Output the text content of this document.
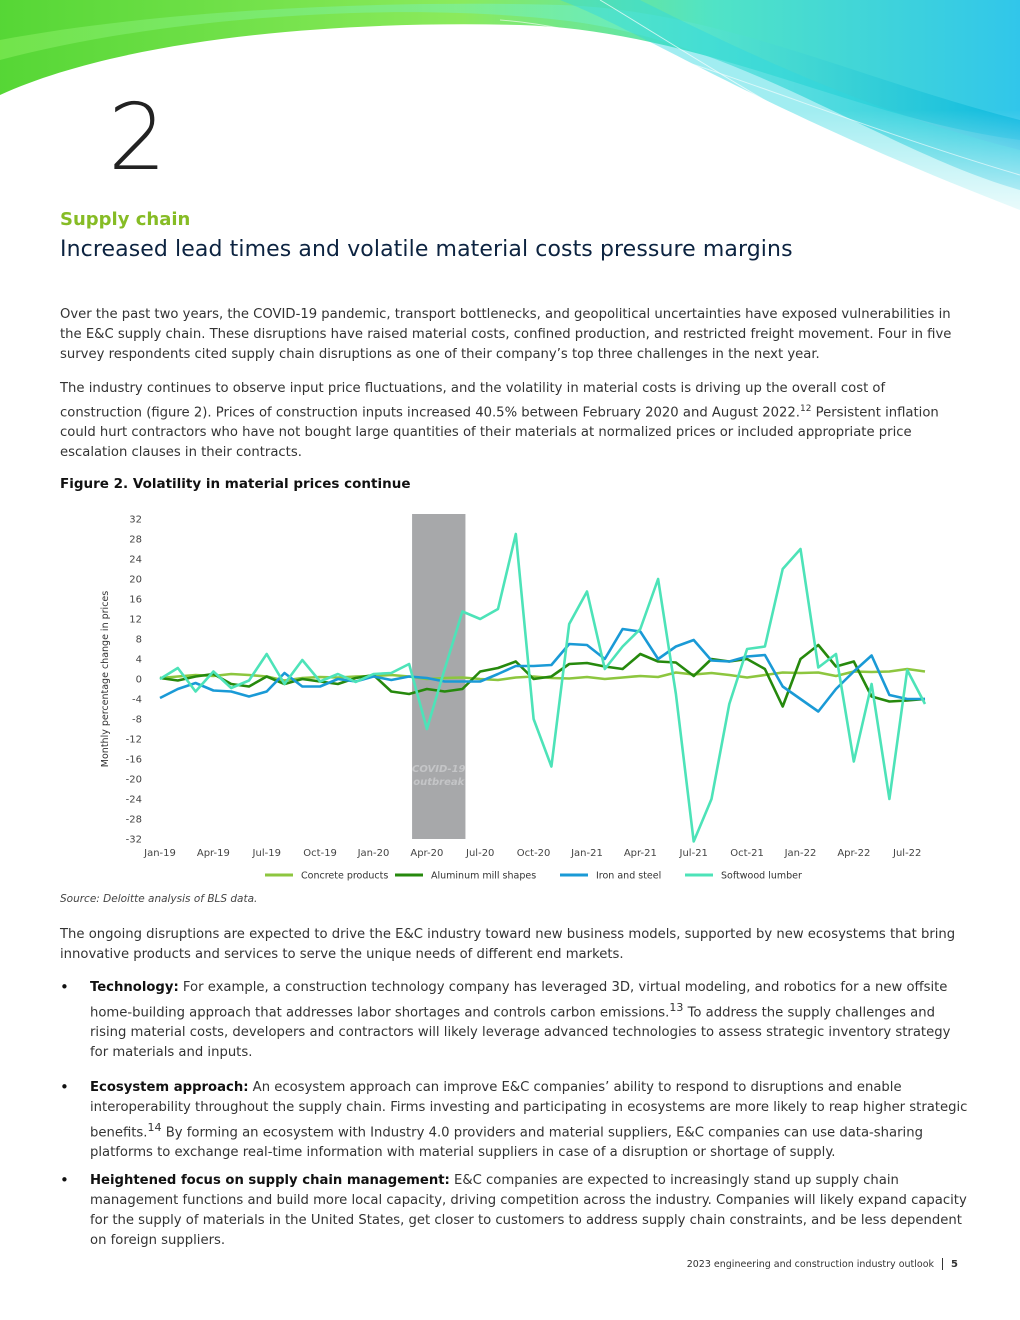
2
Supply chain
Increased lead times and volatile material costs pressure margins

Over the past two years, the COVID-19 pandemic, transport bottlenecks, and geopolitical uncertainties have exposed vulnerabilities in the E&C supply chain. These disruptions have raised material costs, confined production, and restricted freight movement. Four in five survey respondents cited supply chain disruptions as one of their company’s top three challenges in the next year.

The industry continues to observe input price fluctuations, and the volatility in material costs is driving up the overall cost of construction (figure 2). Prices of construction inputs increased 40.5% between February 2020 and August 2022.12 Persistent inflation could hurt contractors who have not bought large quantities of their materials at normalized prices or included appropriate price escalation clauses in their contracts.

Figure 2. Volatility in material prices continue
COVID-19
outbreak
32
28
24
20
16
12
8
4
0
-4
-8
-12
-16
-20
-24
-28
-32
Monthly percentage change in prices
Jan-19 Apr-19 Jul-19 Oct-19 Jan-20 Apr-20 Jul-20 Oct-20 Jan-21 Apr-21 Jul-21 Oct-21 Jan-22 Apr-22 Jul-22
Concrete products	Aluminum mill shapes	Iron and steel	Softwood lumber
Source: Deloitte analysis of BLS data.

The ongoing disruptions are expected to drive the E&C industry toward new business models, supported by new ecosystems that bring innovative products and services to serve the unique needs of different end markets.

• Technology: For example, a construction technology company has leveraged 3D, virtual modeling, and robotics for a new offsite home-building approach that addresses labor shortages and controls carbon emissions.$^{13}$ To address the supply challenges and rising material costs, developers and contractors will likely leverage advanced technologies to assess strategic inventory strategy for materials and inputs.

• Ecosystem approach: An ecosystem approach can improve E&C companies’ ability to respond to disruptions and enable interoperability throughout the supply chain. Firms investing and participating in ecosystems are more likely to reap higher strategic benefits.$^{14}$ By forming an ecosystem with Industry 4.0 providers and material suppliers, E&C companies can use data-sharing platforms to exchange real-time information with material suppliers in case of a disruption or shortage of supply.

• Heightened focus on supply chain management: E&C companies are expected to increasingly stand up supply chain management functions and build more local capacity, driving competition across the industry. Companies will likely expand capacity for the supply of materials in the United States, get closer to customers to address supply chain constraints, and be less dependent on foreign suppliers.

2023 engineering and construction industry outlook 5
